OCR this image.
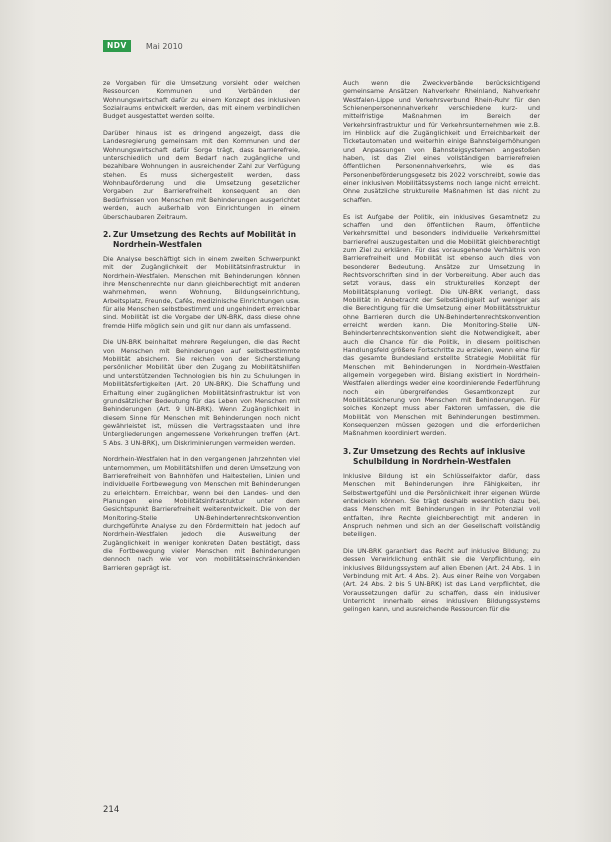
NDV	Mai 2010

ze Vorgaben für die Umsetzung vorsieht oder welchen Ressourcen Kommunen und Verbänden der Wohnungswirtschaft dafür zu einem Konzept des inklusiven Sozialraums entwickelt werden, das mit einem verbindlichen Budget ausgestattet werden sollte.

Darüber hinaus ist es dringend angezeigt, dass die Landesregierung gemeinsam mit den Kommunen und der Wohnungswirtschaft dafür Sorge trägt, dass barrierefreie, unterschiedlich und dem Bedarf nach zugängliche und bezahlbare Wohnungen in ausreichender Zahl zur Verfügung stehen. Es muss sichergestellt werden, dass Wohnbauförderung und die Umsetzung gesetzlicher Vorgaben zur Barrierefreiheit konsequent an den Bedürfnissen von Menschen mit Behinderungen ausgerichtet werden, auch außerhalb von Einrichtungen in einem überschaubaren Zeitraum.

2. Zur Umsetzung des Rechts auf Mobilität in Nordrhein-Westfalen

Die Analyse beschäftigt sich in einem zweiten Schwerpunkt mit der Zugänglichkeit der Mobilitätsinfrastruktur in Nordrhein-Westfalen. Menschen mit Behinderungen können ihre Menschenrechte nur dann gleichberechtigt mit anderen wahrnehmen, wenn Wohnung, Bildungseinrichtung, Arbeitsplatz, Freunde, Cafés, medizinische Einrichtungen usw. für alle Menschen selbstbestimmt und ungehindert erreichbar sind. Mobilität ist die Vorgabe der UN-BRK, dass diese ohne fremde Hilfe möglich sein und gilt nur dann als umfassend.

Die UN-BRK beinhaltet mehrere Regelungen, die das Recht von Menschen mit Behinderungen auf selbstbestimmte Mobilität absichern. Sie reichen von der Sicherstellung persönlicher Mobilität über den Zugang zu Mobilitätshilfen und unterstützenden Technologien bis hin zu Schulungen in Mobilitätsfertigkeiten (Art. 20 UN-BRK). Die Schaffung und Erhaltung einer zugänglichen Mobilitätsinfrastruktur ist von grundsätzlicher Bedeutung für das Leben von Menschen mit Behinderungen (Art. 9 UN-BRK). Wenn Zugänglichkeit in diesem Sinne für Menschen mit Behinderungen noch nicht gewährleistet ist, müssen die Vertragsstaaten und ihre Untergliederungen angemessene Vorkehrungen treffen (Art. 5 Abs. 3 UN-BRK), um Diskriminierungen vermeiden werden.

Nordrhein-Westfalen hat in den vergangenen Jahrzehnten viel unternommen, um Mobilitätshilfen und deren Umsetzung von Barrierefreiheit von Bahnhöfen und Haltestellen, Linien und individuelle Fortbewegung von Menschen mit Behinderungen zu erleichtern. Erreichbar, wenn bei den Landes- und den Planungen eine Mobilitätsinfrastruktur unter dem Gesichtspunkt Barrierefreiheit weiterentwickelt. Die von der Monitoring-Stelle UN-Behindertenrechtskonvention durchgeführte Analyse zu den Fördermitteln hat jedoch auf Nordrhein-Westfalen jedoch die Ausweitung der Zugänglichkeit in weniger konkreten Daten bestätigt, dass die Fortbewegung vieler Menschen mit Behinderungen dennoch nach wie vor von mobilitätseinschränkenden Barrieren geprägt ist.

Auch wenn die Zweckverbände berücksichtigend gemeinsame Ansätzen Nahverkehr Rheinland, Nahverkehr Westfalen-Lippe und Verkehrsverbund Rhein-Ruhr für den Schienenpersonennahverkehr verschiedene kurz- und mittelfristige Maßnahmen im Bereich der Verkehrsinfrastruktur und für Verkehrsunternehmen wie z.B. im Hinblick auf die Zugänglichkeit und Erreichbarkeit der Ticketautomaten und weiterhin einige Bahnsteigerhöhungen und Anpassungen von Bahnsteigsystemen angestoßen haben, ist das Ziel eines vollständigen barrierefreien öffentlichen Personennahverkehrs, wie es das Personenbeförderungsgesetz bis 2022 vorschreibt, sowie das einer inklusiven Mobilitätssystems noch lange nicht erreicht. Ohne zusätzliche strukturelle Maßnahmen ist das nicht zu schaffen.

Es ist Aufgabe der Politik, ein inklusives Gesamtnetz zu schaffen und den öffentlichen Raum, öffentliche Verkehrsmittel und besonders individuelle Verkehrsmittel barrierefrei auszugestalten und die Mobilität gleichberechtigt zum Ziel zu erklären. Für das vorausgehende Verhältnis von Barrierefreiheit und Mobilität ist ebenso auch dies von besonderer Bedeutung. Ansätze zur Umsetzung in Rechtsvorschriften sind in der Vorbereitung. Aber auch das setzt voraus, dass ein strukturelles Konzept der Mobilitätsplanung vorliegt. Die UN-BRK verlangt, dass Mobilität in Anbetracht der Selbständigkeit auf weniger als die Berechtigung für die Umsetzung einer Mobilitätsstruktur ohne Barrieren durch die UN-Behindertenrechtskonvention erreicht werden kann. Die Monitoring-Stelle UN-Behindertenrechtskonvention sieht die Notwendigkeit, aber auch die Chance für die Politik, in diesem politischen Handlungsfeld größere Fortschritte zu erzielen, wenn eine für das gesamte Bundesland erstellte Strategie Mobilität für Menschen mit Behinderungen in Nordrhein-Westfalen allgemein vorgegeben wird. Bislang existiert in Nordrhein-Westfalen allerdings weder eine koordinierende Federführung noch ein übergreifendes Gesamtkonzept zur Mobilitätssicherung von Menschen mit Behinderungen. Für solches Konzept muss aber Faktoren umfassen, die die Mobilität von Menschen mit Behinderungen bestimmen. Konsequenzen müssen gezogen und die erforderlichen Maßnahmen koordiniert werden.

3. Zur Umsetzung des Rechts auf inklusive Schulbildung in Nordrhein-Westfalen

Inklusive Bildung ist ein Schlüsselfaktor dafür, dass Menschen mit Behinderungen ihre Fähigkeiten, ihr Selbstwertgefühl und die Persönlichkeit ihrer eigenen Würde entwickeln können. Sie trägt deshalb wesentlich dazu bei, dass Menschen mit Behinderungen in ihr Potenzial voll entfalten, ihre Rechte gleichberechtigt mit anderen in Anspruch nehmen und sich an der Gesellschaft vollständig beteiligen.

Die UN-BRK garantiert das Recht auf inklusive Bildung; zu dessen Verwirklichung enthält sie die Verpflichtung, ein inklusives Bildungssystem auf allen Ebenen (Art. 24 Abs. 1 in Verbindung mit Art. 4 Abs. 2). Aus einer Reihe von Vorgaben (Art. 24 Abs. 2 bis 5 UN-BRK) ist das Land verpflichtet, die Voraussetzungen dafür zu schaffen, dass ein inklusiver Unterricht innerhalb eines inklusiven Bildungssystems gelingen kann, und ausreichende Ressourcen für die

214
